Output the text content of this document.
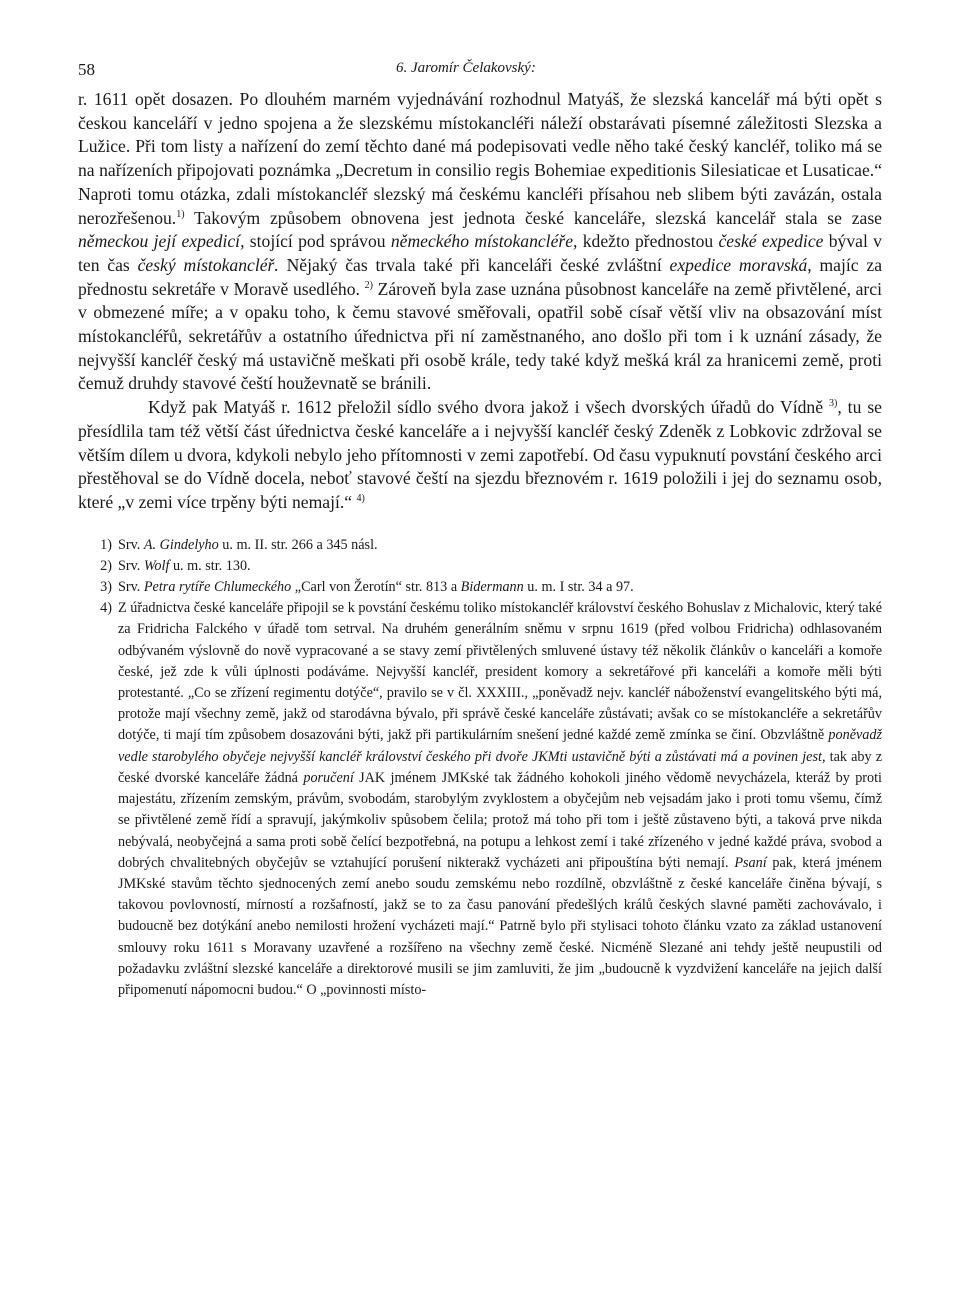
58	6. Jaromír Čelakovský:

r. 1611 opět dosazen. Po dlouhém marném vyjednávání rozhodnul Matyáš, že slezská kancelář má býti opět s českou kanceláří v jedno spojena a že slezskému místokancléři náleží obstarávati písemné záležitosti Slezska a Lužice. Při tom listy a nařízení do zemí těchto dané má podepisovati vedle něho také český kancléř, toliko má se na nařízeních připojovati poznámka „Decretum in consilio regis Bohemiae expeditionis Silesiaticae et Lusaticae.“ Naproti tomu otázka, zdali místokancléř slezský má českému kancléři přísahou neb slibem býti zavázán, ostala nerozřešenou.$^{1)}$ Takovým způsobem obnovena jest jednota české kanceláře, slezská kancelář stala se zase německou její expedicí, stojící pod správou německého místokancléře, kdežto přednostou české expedice býval v ten čas český místokancléř. Nějaký čas trvala také při kanceláři české zvláštní expedice moravská, majíc za přednostu sekretáře v Moravě usedlého. $^{2)}$ Zároveň byla zase uznána působnost kanceláře na země přivtělené, arci v obmezené míře; a v opaku toho, k čemu stavové směřovali, opatřil sobě císař větší vliv na obsazování míst místokancléřů, sekretářův a ostatního úřednictva při ní zaměstnaného, ano došlo při tom i k uznání zásady, že nejvyšší kancléř český má ustavičně meškati při osobě krále, tedy také když mešká král za hranicemi země, proti čemuž druhdy stavové čeští houževnatě se bránili.

Když pak Matyáš r. 1612 přeložil sídlo svého dvora jakož i všech dvorských úřadů do Vídně $^{3)}$, tu se přesídlila tam též větší část úřednictva české kanceláře a i nejvyšší kancléř český Zdeněk z Lobkovic zdržoval se větším dílem u dvora, kdykoli nebylo jeho přítomnosti v zemi zapotřebí. Od času vypuknutí povstání českého arci přestěhoval se do Vídně docela, neboť stavové čeští na sjezdu březnovém r. 1619 položili i jej do seznamu osob, které „v zemi více trpěny býti nemají.“ $^{4)}$

1) Srv. A. Gindelyho u. m. II. str. 266 a 345 násl.
2) Srv. Wolf u. m. str. 130.
3) Srv. Petra rytíře Chlumeckého „Carl von Žerotín“ str. 813 a Bidermann u. m. I str. 34 a 97.
4) Z úřadnictva české kanceláře připojil se k povstání českému toliko místokancléř království českého Bohuslav z Michalovic, který také za Fridricha Falckého v úřadě tom setrval. Na druhém generálním sněmu v srpnu 1619 (před volbou Fridricha) odhlasovaném odbývaném výslovně do nově vypracované a se stavy zemí přivtělených smluvené ústavy též několik článkův o kanceláři a komoře české, jež zde k vůli úplnosti podáváme. Nejvyšší kancléř, president komory a sekretářové při kanceláři a komoře měli býti protestanté. „Co se zřízení regimentu dotýče“, pravilo se v čl. XXXIII., „poněvadž nejv. kancléř náboženství evangelitského býti má, protože mají všechny země, jakž od starodávna bývalo, při správě české kanceláře zůstávati; avšak co se místokancléře a sekretářův dotýče, ti mají tím způsobem dosazováni býti, jakž při partikulárním snešení jedné každé země zmínka se činí. Obzvláštně poněvadž vedle starobylého obyčeje nejvyšší kancléř království českého při dvoře JKMti ustavičně býti a zůstávati má a povinen jest, tak aby z české dvorské kanceláře žádná poručení JAK jménem JMKské tak žádného kohokoli jiného vědomě nevycházela, kteráž by proti majestátu, zřízením zemským, právům, svobodám, starobylým zvyklostem a obyčejům neb vejsadám jako i proti tomu všemu, čímž se přivtělené země řídí a spravují, jakýmkoliv spůsobem čelila; protož má toho při tom i ještě zůstaveno býti, a taková prve nikda nebývalá, neobyčejná a sama proti sobě čelící bezpotřebná, na potupu a lehkost zemí i také zřízeného v jedné každé práva, svobod a dobrých chvalitebných obyčejův se vztahující porušení nikterakž vycházeti ani připouštína býti nemají. Psaní pak, která jménem JMKské stavům těchto sjednocených zemí anebo soudu zemskému nebo rozdílně, obzvláštně z české kanceláře činěna bývají, s takovou povlovností, mírností a rozšafností, jakž se to za času panování předešlých králů českých slavné paměti zachovávalo, i budoucně bez dotýkání anebo nemilosti hrožení vycházeti mají.“ Patrně bylo při stylisaci tohoto článku vzato za základ ustanovení smlouvy roku 1611 s Moravany uzavřené a rozšířeno na všechny země české. Nicméně Slezané ani tehdy ještě neupustili od požadavku zvláštní slezské kanceláře a direktorové musili se jim zamluviti, že jim „budoucně k vyzdvižení kanceláře na jejich další připomenutí nápomocni budou.“ O „povinnosti místo-
